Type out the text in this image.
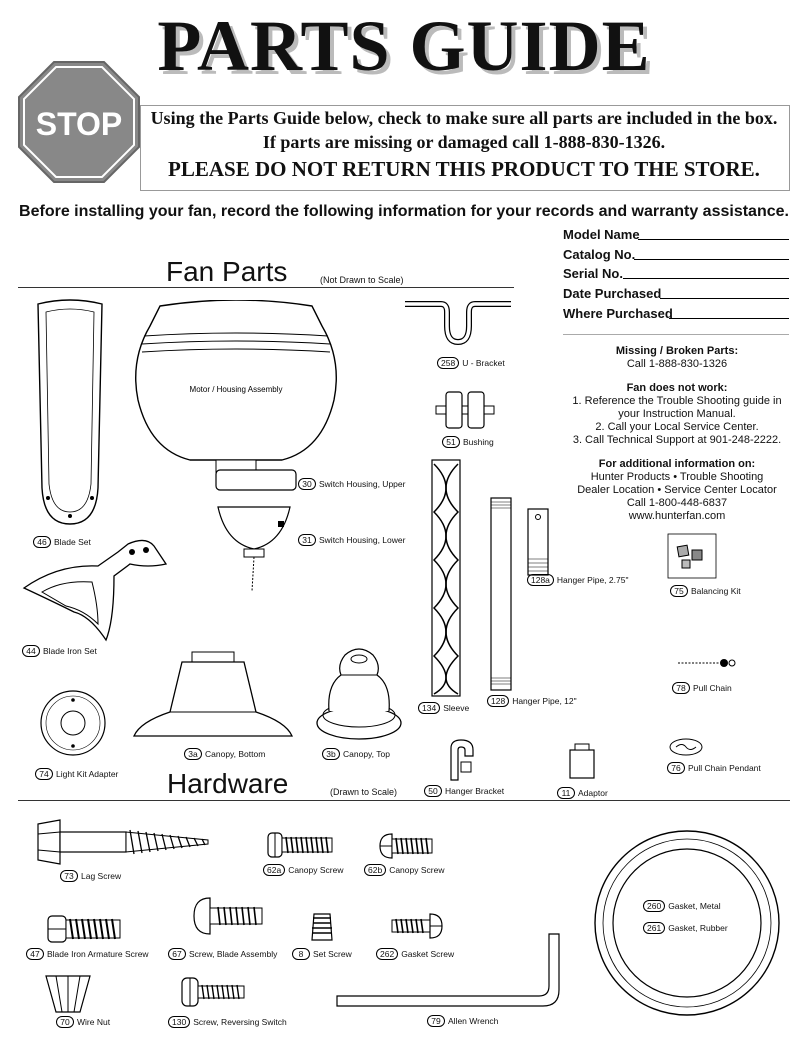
PARTS GUIDE
STOP	Using the Parts Guide below, check to make sure all parts are included in the box.
If parts are missing or damaged call 1-888-830-1326.
PLEASE DO NOT RETURN THIS PRODUCT TO THE STORE.
Before installing your fan, record the following information for your records and warranty assistance.
Model Name
Catalog No.
Serial No.
Date Purchased
Where Purchased
Missing / Broken Parts:
Call 1-888-830-1326
Fan does not work:
1. Reference the Trouble Shooting guide in
your Instruction Manual.
2. Call your Local Service Center.
3. Call Technical Support at 901-248-2222.
For additional information on:
Hunter Products • Trouble Shooting
Dealer Location • Service Center Locator
Call 1-800-448-6837
www.hunterfan.com
Fan Parts	(Not Drawn to Scale)
Motor / Housing Assembly
46 Blade Set
44 Blade Iron Set
74 Light Kit Adapter
258 U - Bracket
51 Bushing
30 Switch Housing, Upper
31 Switch Housing, Lower
128a Hanger Pipe, 2.75"
75 Balancing Kit
78 Pull Chain
134 Sleeve
128 Hanger Pipe, 12"
3a Canopy, Bottom	3b Canopy, Top
50 Hanger Bracket	11 Adaptor
76 Pull Chain Pendant
Hardware	(Drawn to Scale)
73 Lag Screw
62a Canopy Screw	62b Canopy Screw
47 Blade Iron Armature Screw	67 Screw, Blade Assembly	8	Set Screw	262 Gasket Screw
260 Gasket, Metal
261 Gasket, Rubber
70 Wire Nut	130 Screw, Reversing Switch	79 Allen Wrench
